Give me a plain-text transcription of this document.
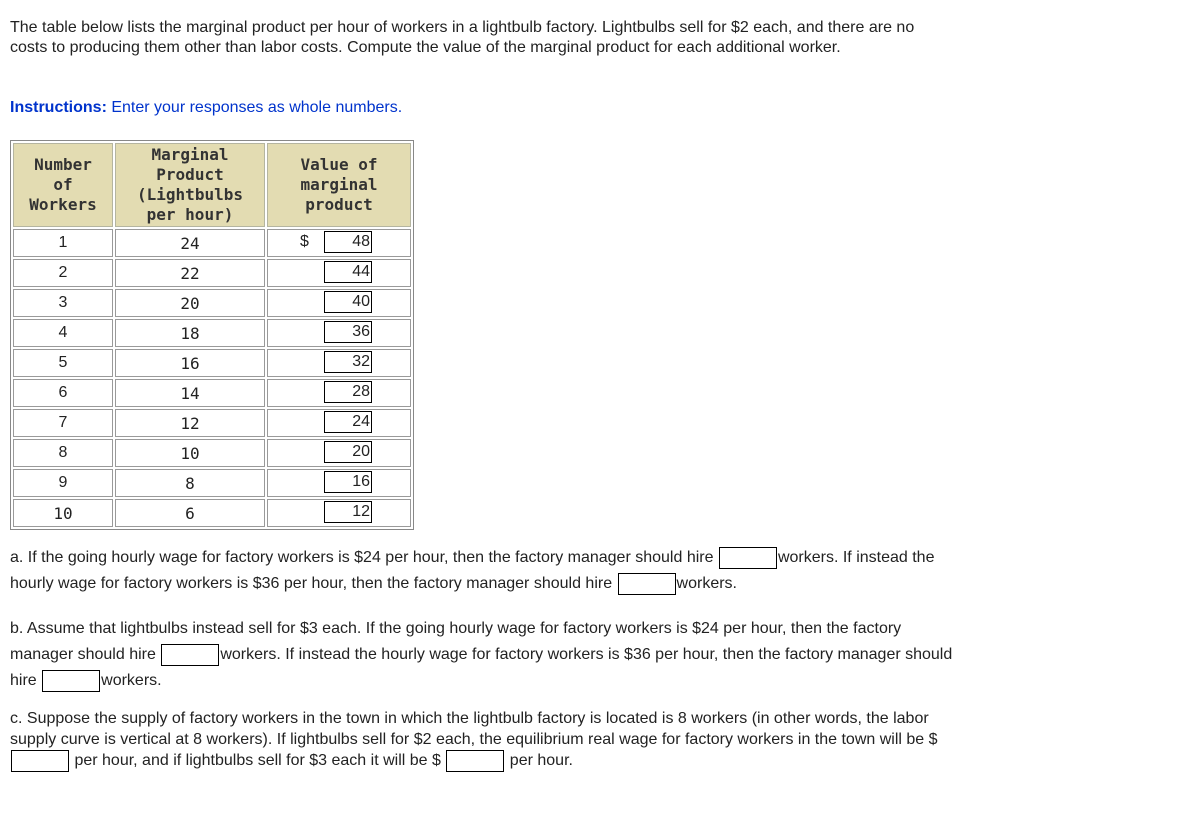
The table below lists the marginal product per hour of workers in a lightbulb factory. Lightbulbs sell for $2 each, and there are no costs to producing them other than labor costs. Compute the value of the marginal product for each additional worker.

Instructions: Enter your responses as whole numbers.

Number
of
Workers	Marginal
Product
(Lightbulbs
per hour)	Value of
marginal
product
1	24	$ 48

2	22	44

3	20	40

4	18	36

5	16	32

6	14	28

7	12	24

8	10	20

9	8	16

10	6	12

a. If the going hourly wage for factory workers is $24 per hour, then the factory manager should hire	workers. If instead the hourly wage for factory workers is $36 per hour, then the factory manager should hire	workers.

b. Assume that lightbulbs instead sell for $3 each. If the going hourly wage for factory workers is $24 per hour, then the factory manager should hire	workers. If instead the hourly wage for factory workers is $36 per hour, then the factory manager should hire	workers.

c. Suppose the supply of factory workers in the town in which the lightbulb factory is located is 8 workers (in other words, the labor supply curve is vertical at 8 workers). If lightbulbs sell for $2 each, the equilibrium real wage for factory workers in the town will be $  per hour, and if lightbulbs sell for $3 each it will be $	per hour.
